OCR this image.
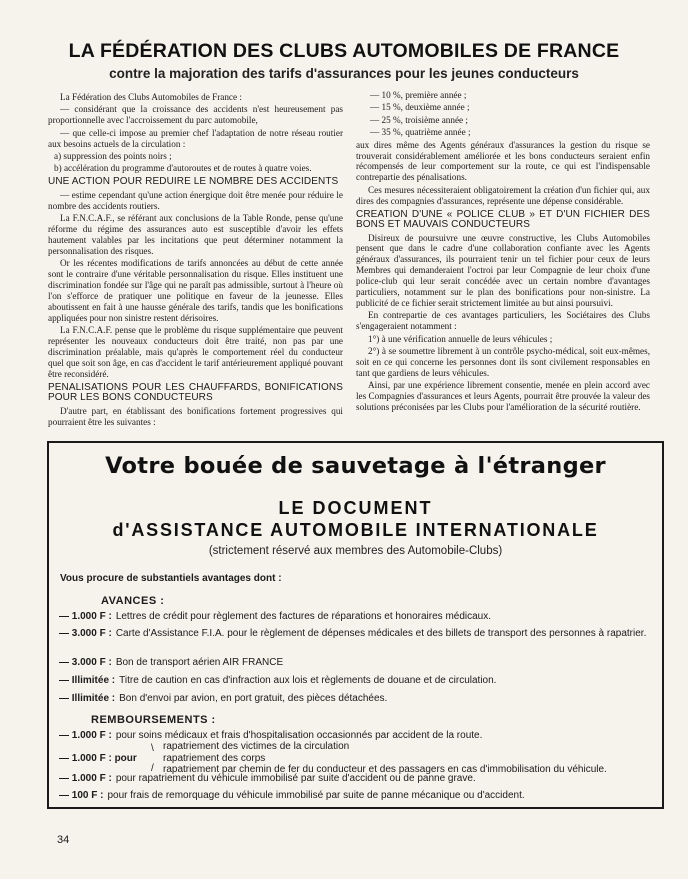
LA FÉDÉRATION DES CLUBS AUTOMOBILES DE FRANCE
contre la majoration des tarifs d'assurances pour les jeunes conducteurs

La Fédération des Clubs Automobiles de France :

— considérant que la croissance des accidents n'est heureusement pas proportionnelle avec l'accroissement du parc automobile,

— que celle-ci impose au premier chef l'adaptation de notre réseau routier aux besoins actuels de la circulation :

a) suppression des points noirs ;

b) accélération du programme d'autoroutes et de routes à quatre voies.

UNE ACTION POUR REDUIRE LE NOMBRE DES ACCIDENTS

— estime cependant qu'une action énergique doit être menée pour réduire le nombre des accidents routiers.

La F.N.C.A.F., se référant aux conclusions de la Table Ronde, pense qu'une réforme du régime des assurances auto est susceptible d'avoir les effets hautement valables par les incitations que peut déterminer notamment la personnalisation des risques.

Or les récentes modifications de tarifs annoncées au début de cette année sont le contraire d'une véritable personnalisation du risque. Elles instituent une discrimination fondée sur l'âge qui ne paraît pas admissible, surtout à l'heure où l'on s'efforce de pratiquer une politique en faveur de la jeunesse. Elles aboutissent en fait à une hausse générale des tarifs, tandis que les bonifications appliquées pour non sinistre restent dérisoires.

La F.N.C.A.F. pense que le problème du risque supplémentaire que peuvent représenter les nouveaux conducteurs doit être traité, non pas par une discrimination préalable, mais qu'après le comportement réel du conducteur quel que soit son âge, en cas d'accident le tarif antérieurement appliqué pouvant être reconsidéré.

PENALISATIONS POUR LES CHAUFFARDS, BONIFICATIONS POUR LES BONS CONDUCTEURS

D'autre part, en établissant des bonifications fortement progressives qui pourraient être les suivantes :

— 10 %, première année ;

— 15 %, deuxième année ;

— 25 %, troisième année ;

— 35 %, quatrième année ;

aux dires même des Agents généraux d'assurances la gestion du risque se trouverait considérablement améliorée et les bons conducteurs seraient enfin récompensés de leur comportement sur la route, ce qui est l'indispensable contrepartie des pénalisations.

Ces mesures nécessiteraient obligatoirement la création d'un fichier qui, aux dires des compagnies d'assurances, représente une dépense considérable.

CREATION D'UNE « POLICE CLUB » ET D'UN FICHIER DES BONS ET MAUVAIS CONDUCTEURS

Disireux de poursuivre une œuvre constructive, les Clubs Automobiles pensent que dans le cadre d'une collaboration confiante avec les Agents généraux d'assurances, ils pourraient tenir un tel fichier pour ceux de leurs Membres qui demanderaient l'octroi par leur Compagnie de leur choix d'une police-club qui leur serait concédée avec un certain nombre d'avantages particuliers, notamment sur le plan des bonifications pour non-sinistre. La publicité de ce fichier serait strictement limitée au but ainsi poursuivi.

En contrepartie de ces avantages particuliers, les Sociétaires des Clubs s'engageraient notamment :

1°) à une vérification annuelle de leurs véhicules ;

2°) à se soumettre librement à un contrôle psycho-médical, soit eux-mêmes, soit en ce qui concerne les personnes dont ils sont civilement responsables en tant que gardiens de leurs véhicules.

Ainsi, par une expérience librement consentie, menée en plein accord avec les Compagnies d'assurances et leurs Agents, pourrait être prouvée la valeur des solutions préconisées par les Clubs pour l'amélioration de la sécurité routière.

Votre bouée de sauvetage à l'étranger
LE DOCUMENT
d'ASSISTANCE AUTOMOBILE INTERNATIONALE
(strictement réservé aux membres des Automobile-Clubs)
Vous procure de substantiels avantages dont :
AVANCES :
— 1.000 F : Lettres de crédit pour règlement des factures de réparations et honoraires médicaux.
— 3.000 F : Carte d'Assistance F.I.A. pour le règlement de dépenses médicales et des billets de transport des personnes à rapatrier.
— 3.000 F : Bon de transport aérien AIR FRANCE
— Illimitée : Titre de caution en cas d'infraction aux lois et règlements de douane et de circulation.
— Illimitée : Bon d'envoi par avion, en port gratuit, des pièces détachées.
REMBOURSEMENTS :
— 1.000 F : pour soins médicaux et frais d'hospitalisation occasionnés par accident de la route.
— 1.000 F : pour
\
/
rapatriement des victimes de la circulation
rapatriement des corps
rapatriement par chemin de fer du conducteur et des passagers en cas d'immobilisation du véhicule.
— 1.000 F : pour rapatriement du véhicule immobilisé par suite d'accident ou de panne grave.
— 100 F : pour frais de remorquage du véhicule immobilisé par suite de panne mécanique ou d'accident.
34
